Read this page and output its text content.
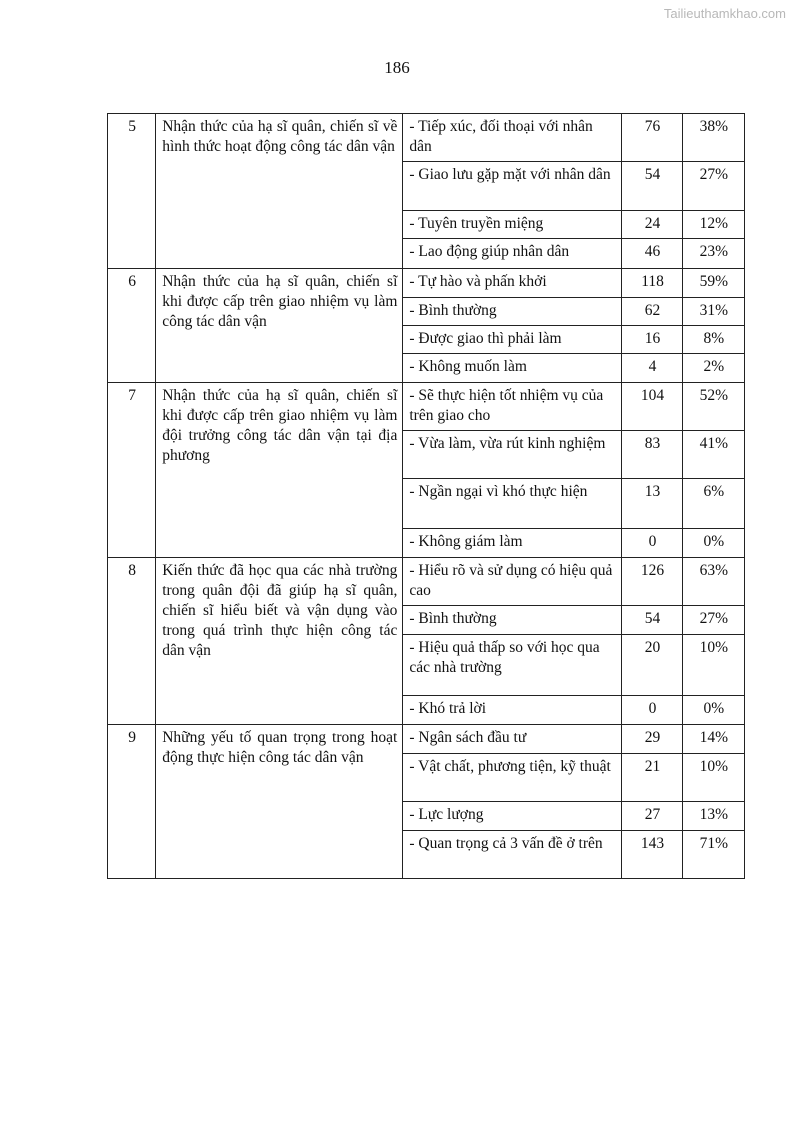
Tailieuthamkhao.com
186
5	Nhận thức của hạ sĩ quân, chiến sĩ về hình thức hoạt động công tác dân vận	- Tiếp xúc, đối thoại với nhân dân	76	38%
		- Giao lưu gặp mặt với nhân dân	54	27%
		- Tuyên truyền miệng	24	12%
		- Lao động giúp nhân dân	46	23%
6	Nhận thức của hạ sĩ quân, chiến sĩ khi được cấp trên giao nhiệm vụ làm công tác dân vận	- Tự hào và phấn khởi	118	59%
		- Bình thường	62	31%
		- Được giao thì phải làm	16	8%
		- Không muốn làm	4	2%
7	Nhận thức của hạ sĩ quân, chiến sĩ khi được cấp trên giao nhiệm vụ làm đội trưởng công tác dân vận tại địa phương	- Sẽ thực hiện tốt nhiệm vụ của trên giao cho	104	52%
		- Vừa làm, vừa rút kinh nghiệm	83	41%
		- Ngần ngại vì khó thực hiện	13	6%
		- Không giám làm	0	0%
8	Kiến thức đã học qua các nhà trường trong quân đội đã giúp hạ sĩ quân, chiến sĩ hiểu biết và vận dụng vào trong quá trình thực hiện công tác dân vận	- Hiểu rõ và sử dụng có hiệu quả cao	126	63%
		- Bình thường	54	27%
		- Hiệu quả thấp so với học qua các nhà trường	20	10%
		- Khó trả lời	0	0%
9	Những yếu tố quan trọng trong hoạt động thực hiện công tác dân vận	- Ngân sách đầu tư	29	14%
		- Vật chất, phương tiện, kỹ thuật	21	10%
		- Lực lượng	27	13%
		- Quan trọng cả 3 vấn đề ở trên	143	71%
